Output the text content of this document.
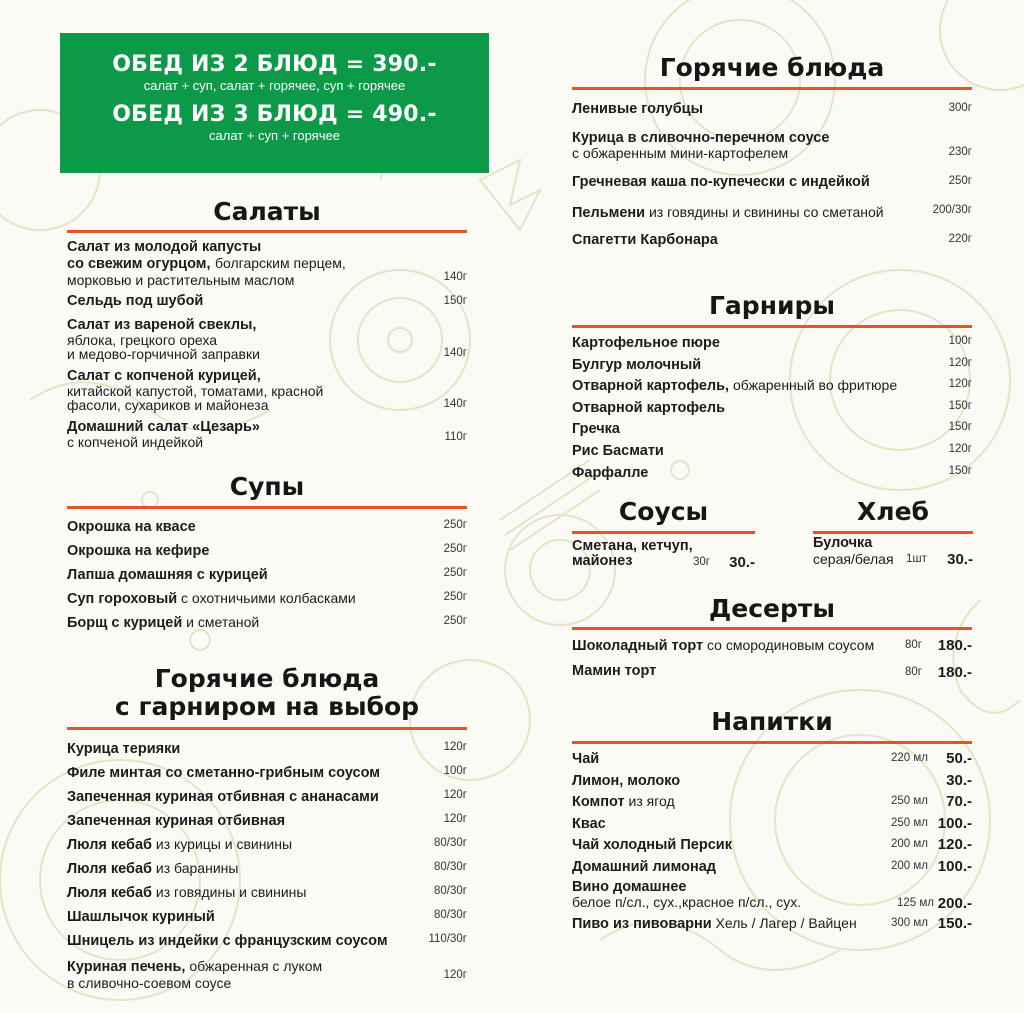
ОБЕД ИЗ 2 БЛЮД = 390.-
салат + суп, салат + горячее, суп + горячее
ОБЕД ИЗ 3 БЛЮД = 490.-
салат + суп + горячее
Салаты
Салат из молодой капусты
со свежим огурцом, болгарским перцем,
морковью и растительным маслом	140г
Сельдь под шубой	150г
Салат из вареной свеклы,
яблока, грецкого ореха
и медово-горчичной заправки	140г
Салат с копченой курицей,
китайской капустой, томатами, красной
фасоли, сухариков и майонеза	140г
Домашний салат «Цезарь»
с копченой индейкой	110г
Супы
Окрошка на квасе	250г
Окрошка на кефире	250г
Лапша домашняя с курицей	250г
Суп гороховый с охотничьими колбасками	250г
Борщ с курицей и сметаной	250г
Горячие блюда
с гарниром на выбор
Курица терияки	120г
Филе минтая со сметанно-грибным соусом	100г
Запеченная куриная отбивная с ананасами	120г
Запеченная куриная отбивная	120г
Люля кебаб из курицы и свинины	80/30г
Люля кебаб из баранины	80/30г
Люля кебаб из говядины и свинины	80/30г
Шашлычок куриный	80/30г
Шницель из индейки с французским соусом	110/30г
Куриная печень, обжаренная с луком
в сливочно-соевом соусе	120г
Горячие блюда
Ленивые голубцы	300г
Курица в сливочно-перечном соусе
с обжаренным мини-картофелем	230г
Гречневая каша по-купечески с индейкой	250г
Пельмени из говядины и свинины со сметаной	200/30г
Спагетти Карбонара	220г
Гарниры
Картофельное пюре	100г
Булгур молочный	120г
Отварной картофель, обжаренный во фритюре	120г
Отварной картофель	150г
Гречка	150г
Рис Басмати	120г
Фарфалле	150г
Соусы
Сметана, кетчуп,
майонез	30г 30.-
Хлеб
Булочка
серая/белая 1шт 30.-
Десерты
Шоколадный торт со смородиновым соусом	80г 180.-
Мамин торт	80г 180.-
Напитки
Чай	220 мл 50.-
Лимон, молоко	30.-
Компот из ягод	250 мл 70.-
Квас	250 мл 100.-
Чай холодный Персик	200 мл 120.-
Домашний лимонад	200 мл 100.-
Вино домашнее
белое п/сл., сух.,красное п/сл., сух.	125 мл 200.-
Пиво из пивоварни Хель / Лагер / Вайцен	300 мл 150.-
